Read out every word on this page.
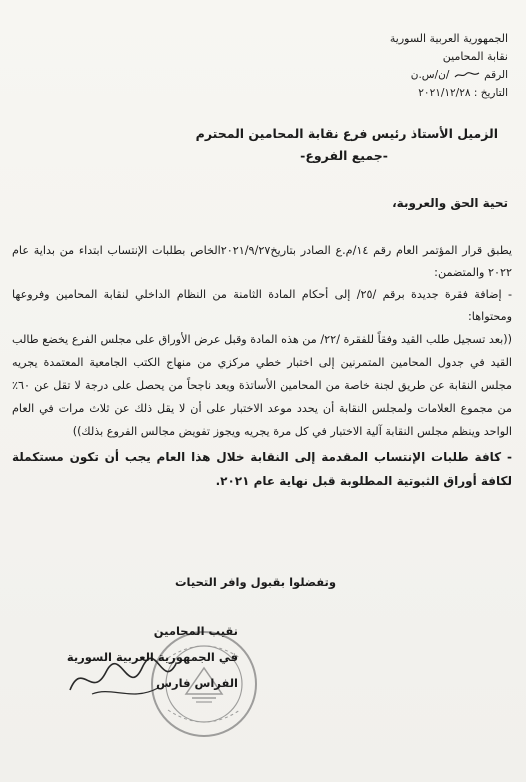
الجمهورية العربية السورية
نقابة المحامين
الرقم  /ن/س.ن
التاريخ : ٢٠٢١/١٢/٢٨
الزميل الأستاذ رئيس فرع نقابة المحامين المحترم
-جميع الفروع-
تحية الحق والعروبة،

يطبق قرار المؤتمر العام رقم ١٤/م.ع الصادر بتاريخ٢٠٢١/٩/٢٧الخاص بطلبات الإنتساب ابتداء من بداية عام ٢٠٢٢ والمتضمن:

- إضافة فقرة جديدة برقم /٢٥/ إلى أحكام المادة الثامنة من النظام الداخلي لنقابة المحامين وفروعها ومحتواها:

((بعد تسجيل طلب القيد وفقاً للفقرة /٢٢/ من هذه المادة وقبل عرض الأوراق على مجلس الفرع يخضع طالب القيد في جدول المحامين المتمرنين إلى اختبار خطي مركزي من منهاج الكتب الجامعية المعتمدة يجريه مجلس النقابة عن طريق لجنة خاصة من المحامين الأساتذة ويعد ناجحاً من يحصل على درجة لا تقل عن ٦٠٪ من مجموع العلامات ولمجلس النقابة أن يحدد موعد الاختبار على أن لا يقل ذلك عن ثلاث مرات في العام الواحد وينظم مجلس النقابة آلية الاختبار في كل مرة يجريه ويجوز تفويض مجالس الفروع بذلك))

- كافة طلبات الإنتساب المقدمة إلى النقابة خلال هذا العام يجب أن تكون مستكملة لكافة أوراق الثبوتية المطلوبة قبل نهاية عام ٢٠٢١.

وتفضلوا بقبول وافر التحيات
نقيب المحامين
في الجمهورية العربية السورية
الفراس فارس
